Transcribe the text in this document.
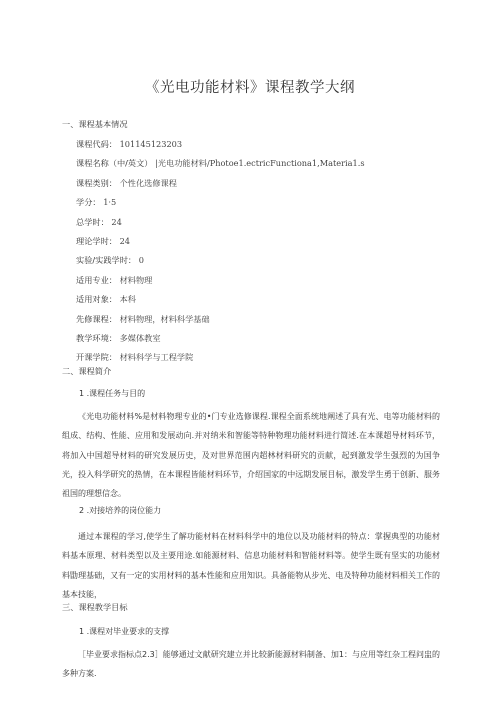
《光电功能材料》课程教学大纲
一、课程基本情况
课程代码： 101145123203
课程名称（中/英文） |光电功能材料/Photoe1.ectricFunctiona1,Materia1.s
课程类别： 个性化选修课程
学分： 1·5
总学时： 24
理论学时： 24
实验/实践学时： 0
适用专业： 材料物理
适用对象： 本科
先修课程： 材料物理，材料科学基础
教学环境： 多媒体教室
开课学院： 材料科学与工程学院
二、课程简介
1 .课程任务与目的
《光电功能材料%是材料物理专业的•门专业选修课程.课程全面系统地阐述了具有光、电等功能材料的组成、结构、性能、应用和发展动向.并对纳米和智能等特种物理功能材料进行简述.在本课超导材料环节，将加入中国超导材料的研究发展历史，及对世界范围内超林材料研究的贡献，起到激发学生强烈的为国争光，投入科学研究的热情，在本课程皆能材料环节，介绍国家的中远期发展目标，激发学生勇于创新、服务祖国的理想信念。
2 .对接培养的岗位能力
通过本课程的学习,使学生了解功能材料在材料科学中的地位以及功能材料的特点：掌握典型的功能材料基本原理、材料类型以及主要用途.如能源材料、信息功能材料和智能材料等。使学生既有坚实的功能材料勖理基础，又有一定的实用材料的基本性能和应用知识。具备能物从步光、电及特种功能材料相关工作的基本技能，
三、课程教学目标
1 .课程对毕业要求的支撑
［毕业要求指标点2.3］能够通过文献研究建立并比较新能源材料制备、加1：与应用等红杂工程问盅的多种方案.
